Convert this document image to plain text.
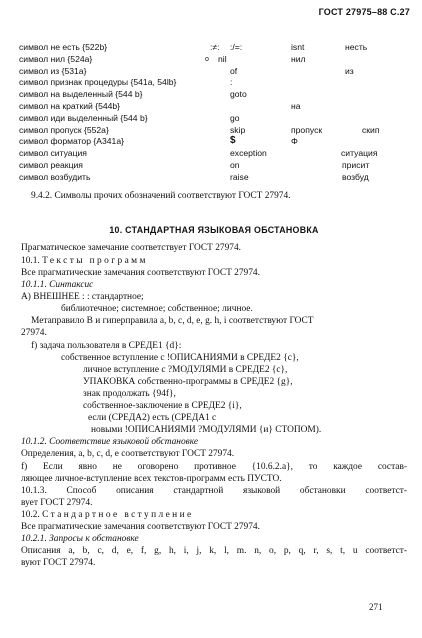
ГОСТ 27975–88 С.27
символ не есть {522b}	:≠: :/=:	isnt	несть
символ нил {524a}	о nil	нил
символ из {531a}	of	из
символ признак процедуры {541a, 54lb}	:
символ на выделенный {544 b}	goto
символ на краткий {544b}	на
символ иди выделенный {544 b}	go
символ пропуск {552a}	skip	пропуск	скип
символ форматор {A341a}	$	Φ
символ ситуация	exception	ситуация
символ реакция	on	присит
символ возбудить	raise	возбуд
9.4.2. Символы прочих обозначений соответствуют ГОСТ 27974.
10. СТАНДАРТНАЯ ЯЗЫКОВАЯ ОБСТАНОВКА
Прагматическое замечание соответствует ГОСТ 27974.
10.1. Тексты программ
Все прагматические замечания соответствуют ГОСТ 27974.
10.1.1. Синтаксис
А) ВНЕШНЕЕ : : стандартное;
библиотечное; системное; собственное; личное.
Метаправило В и гиперправила а, b, c, d, e, g. h, i соответствуют ГОСТ
27974.
f) задача пользователя в СРЕДЕ1 {d}:
собственное вступление с !ОПИСАНИЯМИ в СРЕДЕ2 {c},
личное вступление с ?МОДУЛЯМИ в СРЕДЕ2 {c},
УПАКОВКА собственно-программы в СРЕДЕ2 {g},
знак продолжать {94f},
собственное-заключение в СРЕДЕ2 {i},
если (СРЕДА2) есть (СРЕДА1 с
новыми !ОПИСАНИЯМИ ?МОДУЛЯМИ {и} СТОПОМ).
10.1.2. Соответствие языковой обстановке
Определения, а, b, c, d, e соответствуют ГОСТ 27974.
f) Если явно не оговорено противное {10.6.2.a}, то каждое состав-
ляющее личное-вступление всех текстов-программ есть ПУСТО.
10.1.3. Способ описания стандартной языковой обстановки соответст-
вует ГОСТ 27974.
10.2. Стандартное вступление
Все прагматические замечания соответствуют ГОСТ 27974.
10.2.1. Запросы к обстановке
Описания а, b, c, d, e, f, g, h, i, j, k, l, m. n, o, p, q, r, s, t, u соответст-
вуют ГОСТ 27974.
271
